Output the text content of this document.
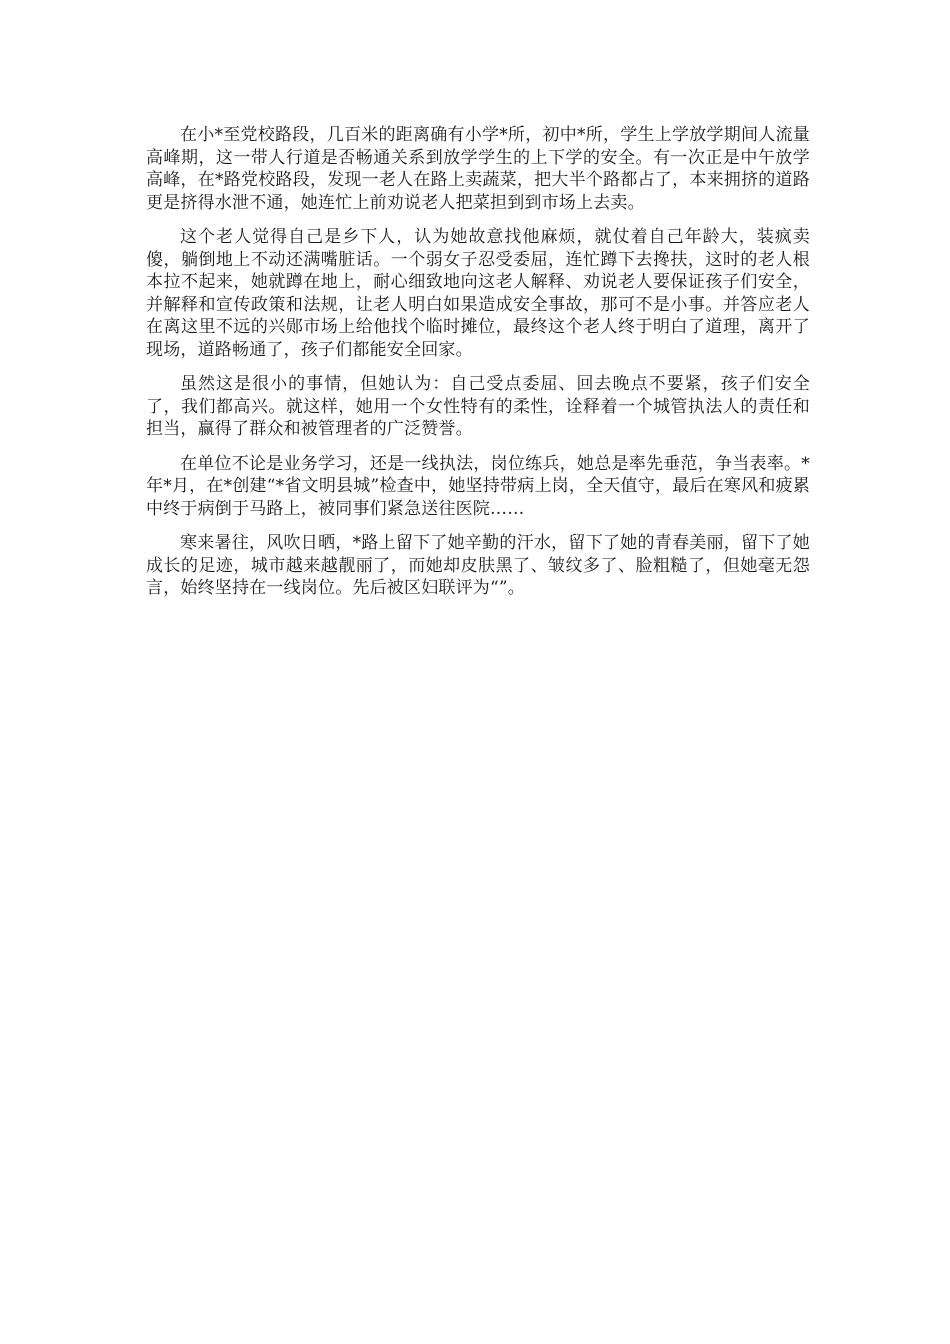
在小*至党校路段，几百米的距离确有小学*所，初中*所，学生上学放学期间人流量高峰期，这一带人行道是否畅通关系到放学学生的上下学的安全。有一次正是中午放学高峰，在*路党校路段，发现一老人在路上卖蔬菜，把大半个路都占了，本来拥挤的道路更是挤得水泄不通，她连忙上前劝说老人把菜担到到市场上去卖。

这个老人觉得自己是乡下人，认为她故意找他麻烦，就仗着自己年龄大，装疯卖傻，躺倒地上不动还满嘴脏话。一个弱女子忍受委屈，连忙蹲下去搀扶，这时的老人根本拉不起来，她就蹲在地上，耐心细致地向这老人解释、劝说老人要保证孩子们安全，并解释和宣传政策和法规，让老人明白如果造成安全事故，那可不是小事。并答应老人在离这里不远的兴郧市场上给他找个临时摊位，最终这个老人终于明白了道理，离开了现场，道路畅通了，孩子们都能安全回家。

虽然这是很小的事情，但她认为：自己受点委屈、回去晚点不要紧，孩子们安全了，我们都高兴。就这样，她用一个女性特有的柔性，诠释着一个城管执法人的责任和担当，赢得了群众和被管理者的广泛赞誉。

在单位不论是业务学习，还是一线执法，岗位练兵，她总是率先垂范，争当表率。*年*月，在*创建“*省文明县城”检查中，她坚持带病上岗，全天值守，最后在寒风和疲累中终于病倒于马路上，被同事们紧急送往医院……

寒来暑往，风吹日晒，*路上留下了她辛勤的汗水，留下了她的青春美丽，留下了她成长的足迹，城市越来越靓丽了，而她却皮肤黑了、皱纹多了、脸粗糙了，但她毫无怨言，始终坚持在一线岗位。先后被区妇联评为“”。
